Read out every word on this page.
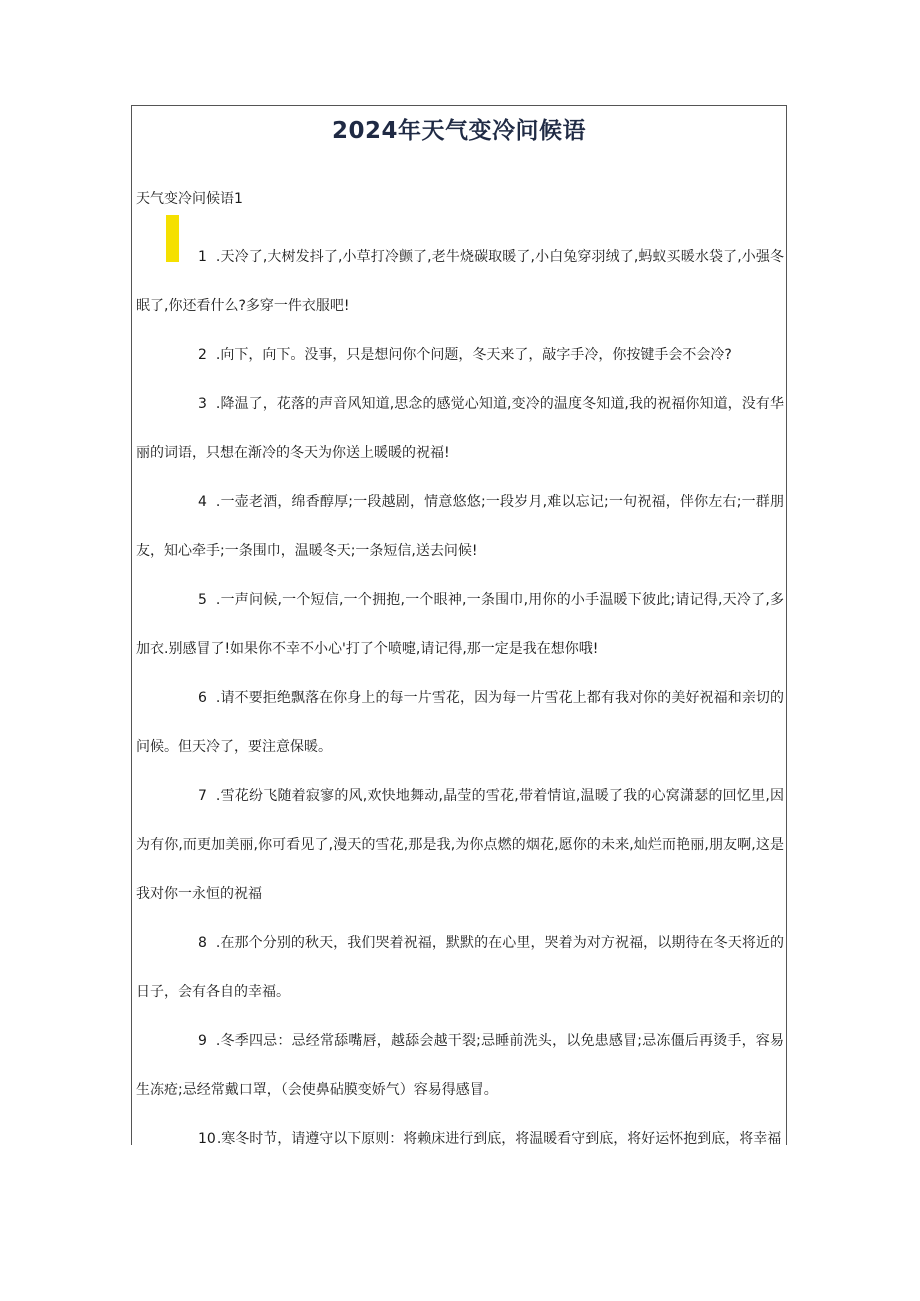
2024年天气变冷问候语

天气变冷问候语1

1 .天冷了,大树发抖了,小草打冷颤了,老牛烧碳取暖了,小白兔穿羽绒了,蚂蚁买暖水袋了,小强冬眠了,你还看什么?多穿一件衣服吧!

2 .向下，向下。没事，只是想问你个问题，冬天来了，敲字手冷，你按键手会不会冷?

3 .降温了，花落的声音风知道,思念的感觉心知道,变冷的温度冬知道,我的祝福你知道，没有华丽的词语，只想在渐冷的冬天为你送上暖暖的祝福!

4 .一壶老酒，绵香醇厚;一段越剧，情意悠悠;一段岁月,难以忘记;一句祝福，伴你左右;一群朋友，知心牵手;一条围巾，温暖冬天;一条短信,送去问候!

5 .一声问候,一个短信,一个拥抱,一个眼神,一条围巾,用你的小手温暖下彼此;请记得,天冷了,多加衣.别感冒了!如果你不幸不小心'打了个喷嚏,请记得,那一定是我在想你哦!

6 .请不要拒绝飘落在你身上的每一片雪花，因为每一片雪花上都有我对你的美好祝福和亲切的问候。但天冷了，要注意保暖。

7 .雪花纷飞随着寂寥的风,欢快地舞动,晶莹的雪花,带着情谊,温暖了我的心窝潇瑟的回忆里,因为有你,而更加美丽,你可看见了,漫天的雪花,那是我,为你点燃的烟花,愿你的未来,灿烂而艳丽,朋友啊,这是我对你一永恒的祝福

8 .在那个分别的秋天，我们哭着祝福，默默的在心里，哭着为对方祝福，以期待在冬天将近的日子，会有各自的幸福。

9 .冬季四忌：忌经常舔嘴唇，越舔会越干裂;忌睡前洗头，以免患感冒;忌冻僵后再烫手，容易生冻疮;忌经常戴口罩，（会使鼻砧膜变娇气）容易得感冒。

10.寒冬时节，请遵守以下原则：将赖床进行到底，将温暖看守到底，将好运怀抱到底，将幸福
